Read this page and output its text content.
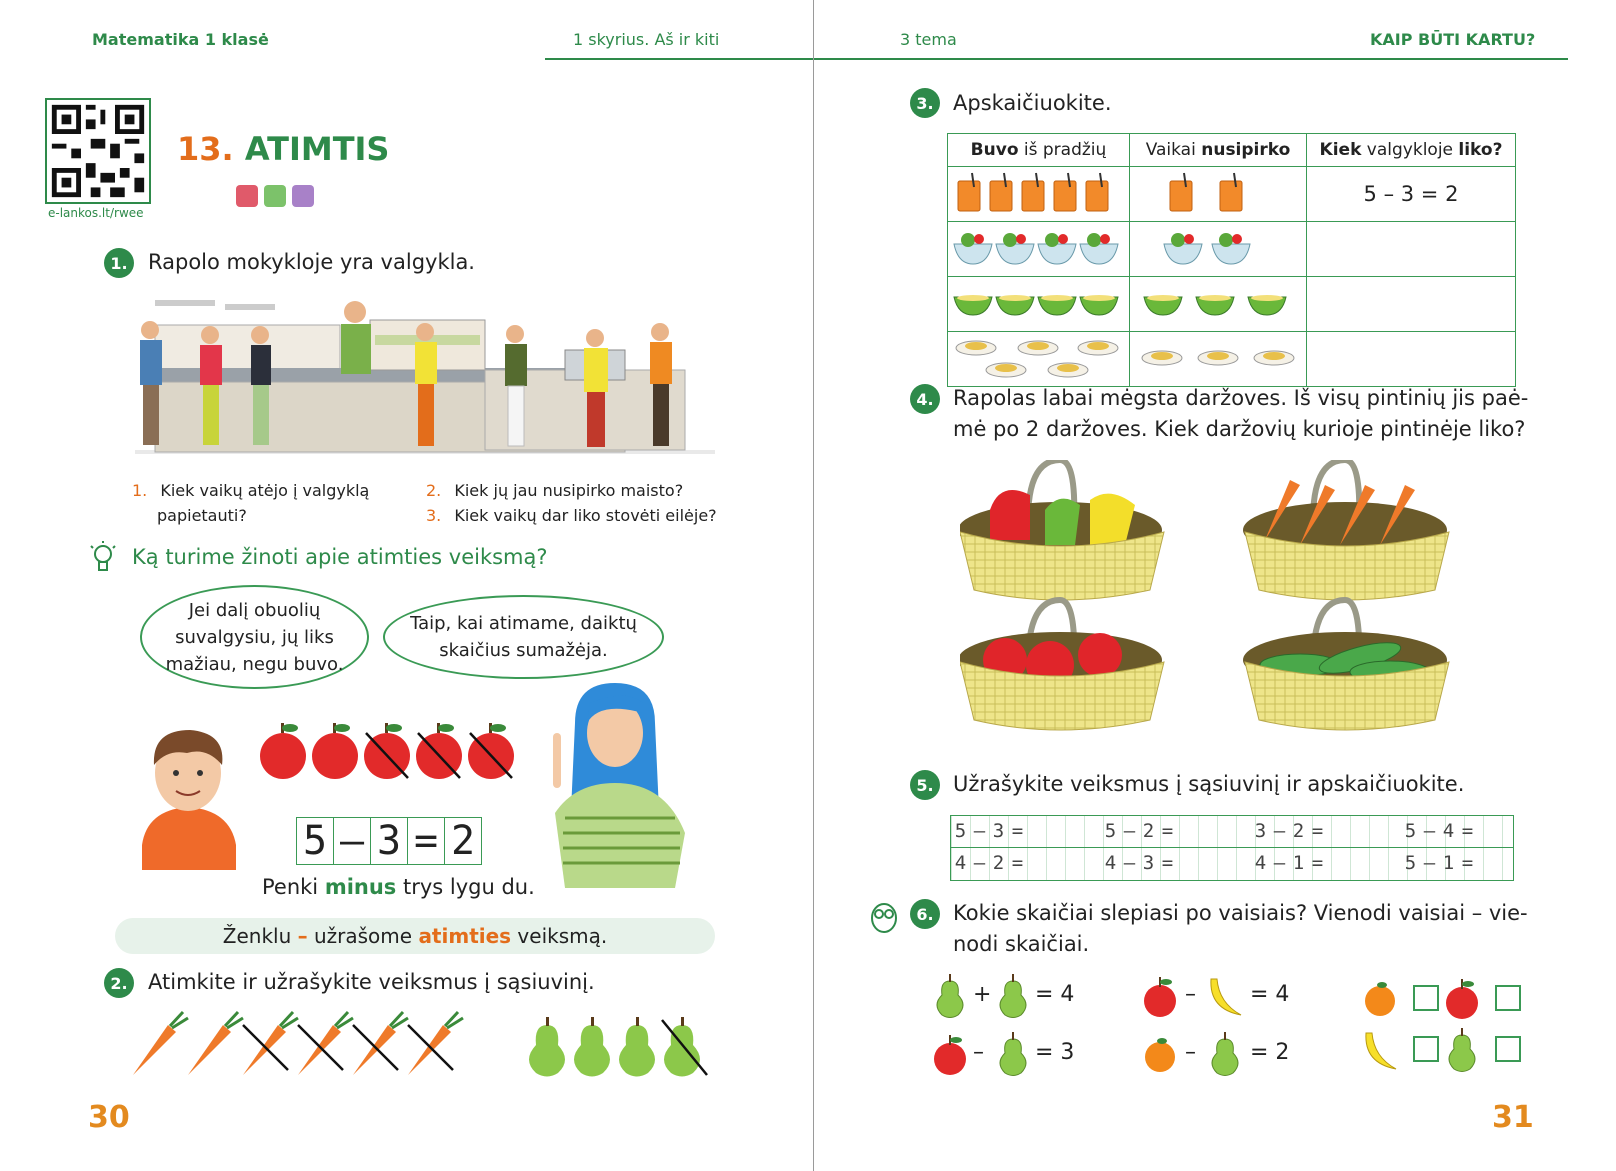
Matematika 1 klasė	1 skyrius. Aš ir kiti	3 tema	KAIP BŪTI KARTU?
e-lankos.lt/rwee
13. ATIMTIS
1. Rapolo mokykloje yra valgykla.
1. Kiek vaikų atėjo į valgyklą
papietauti?
2. Kiek jų jau nusipirko maisto?
3. Kiek vaikų dar liko stovėti eilėje?
Ką turime žinoti apie atimties veiksmą?
Jei dalį obuolių
suvalgysiu, jų liks
mažiau, negu buvo.
Taip, kai atimame, daiktų
skaičius sumažėja.
5 – 3 = 2
Penki minus trys lygu du.
Ženklu – užrašome atimties veiksmą.
2. Atimkite ir užrašykite veiksmus į sąsiuvinį.
30
3. Apskaičiuokite.
Buvo iš pradžių	Vaikai nusipirko	Kiek valgykloje liko?
		5 – 3 = 2

4. Rapolas labai mėgsta daržoves. Iš visų pintinių jis paė-
mė po 2 daržoves. Kiek daržovių kurioje pintinėje liko?
5. Užrašykite veiksmus į sąsiuvinį ir apskaičiuokite.
5 – 3 =	5 – 2 =	3 – 2 =	5 – 4 =
4 – 2 =	4 – 3 =	4 – 1 =	5 – 1 =
6. Kokie skaičiai slepiasi po vaisiais? Vienodi vaisiai – vie-
nodi skaičiai.
+ = 4
– = 3
– = 4
– = 2
31
